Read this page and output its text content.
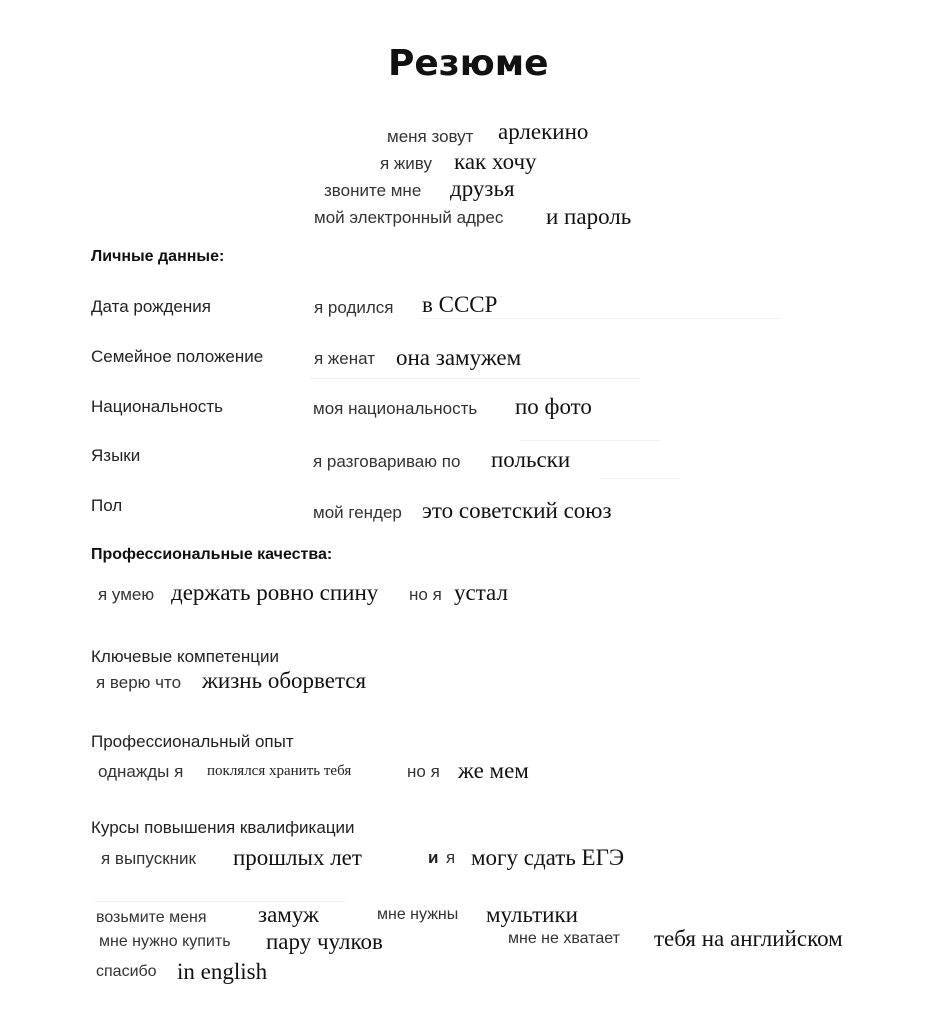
Резюме
меня зовут арлекино
я живу как хочу
звоните мне друзья
мой электронный адрес и пароль
Личные данные:
Дата рождения	я родился в СССР
Семейное положение	я женат она замужем
Национальность	моя национальность по фото
Языки	я разговариваю по польски
Пол	мой гендер это советский союз
Профессиональные качества:
я умею держать ровно спину но я устал
Ключевые компетенции
я верю что жизнь оборвется
Профессиональный опыт
однажды я поклялся хранить тебя	но я же мем
Курсы повышения квалификации
я выпускник прошлых лет	и я могу сдать ЕГЭ
возьмите меня замуж	мне нужны мультики
мне нужно купить пару чулков	мне не хватает тебя на английском
спасибо in english
